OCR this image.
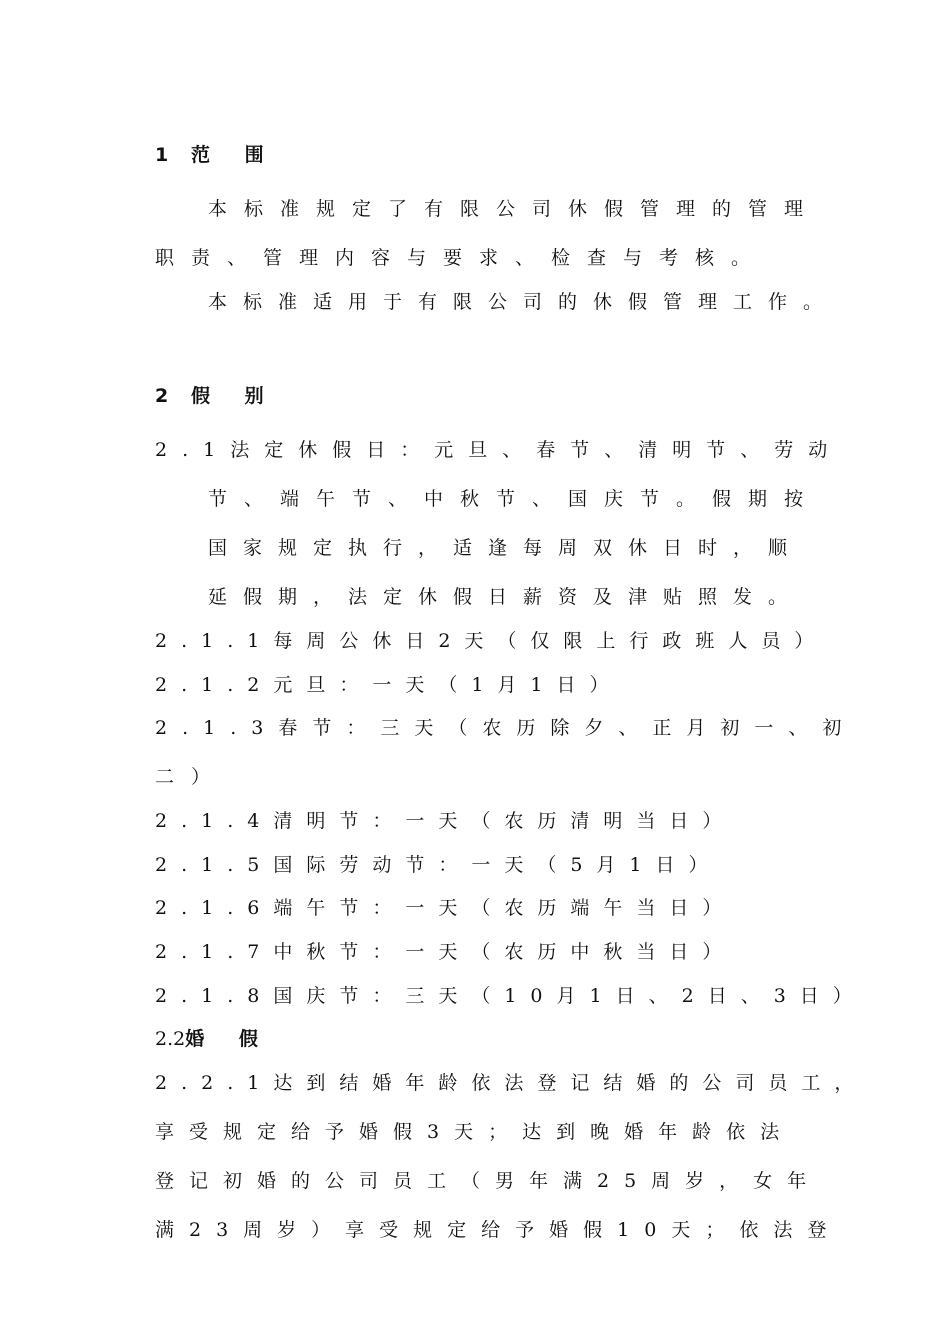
1 范 围
本标准规定了有限公司休假管理的管理
职责、管理内容与要求、检查与考核。
本标准适用于有限公司的休假管理工作。
2 假 别
2.1法定休假日：元旦、春节、清明节、劳动
节、端午节、中秋节、国庆节。假期按
国家规定执行，适逢每周双休日时，顺
延假期，法定休假日薪资及津贴照发。
2.1.1每周公休日2天（仅限上行政班人员）
2.1.2元旦：一天（1月1日）
2.1.3春节：三天（农历除夕、正月初一、初
二）
2.1.4清明节：一天（农历清明当日）
2.1.5国际劳动节：一天（5月1日）
2.1.6端午节：一天（农历端午当日）
2.1.7中秋节：一天（农历中秋当日）
2.1.8国庆节：三天（10月1日、2日、3日）
2.2婚 假
2.2.1达到结婚年龄依法登记结婚的公司员工，
享受规定给予婚假3天；达到晚婚年龄依法
登记初婚的公司员工（男年满25周岁，女年
满23周岁）享受规定给予婚假10天；依法登
